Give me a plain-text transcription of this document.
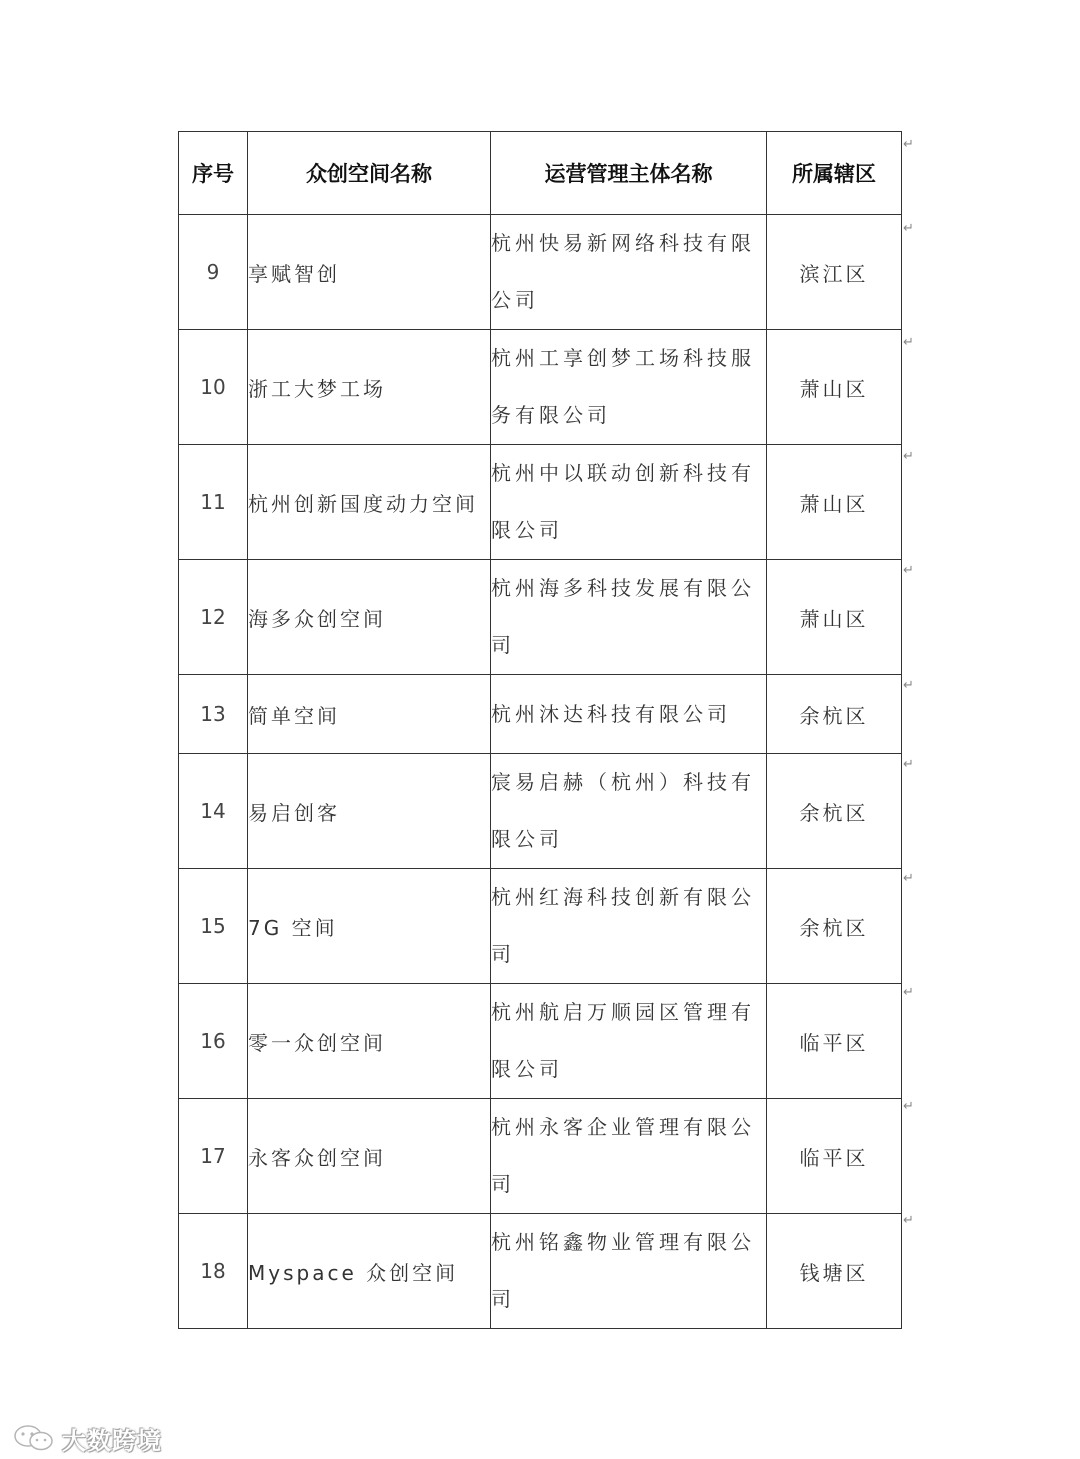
序号	众创空间名称	运营管理主体名称	所属辖区
9	享赋智创	杭州快易新网络科技有限公司	滨江区
10	浙工大梦工场	杭州工享创梦工场科技服务有限公司	萧山区
11	杭州创新国度动力空间	杭州中以联动创新科技有限公司	萧山区
12	海多众创空间	杭州海多科技发展有限公司	萧山区
13	简单空间	杭州沐达科技有限公司	余杭区
14	易启创客	宸易启赫（杭州）科技有限公司	余杭区
15	7G 空间	杭州红海科技创新有限公司	余杭区
16	零一众创空间	杭州航启万顺园区管理有限公司	临平区
17	永客众创空间	杭州永客企业管理有限公司	临平区
18	Myspace 众创空间	杭州铭鑫物业管理有限公司	钱塘区
↵
↵
↵
↵
↵
↵
↵
↵
↵
↵
↵
大数跨境
